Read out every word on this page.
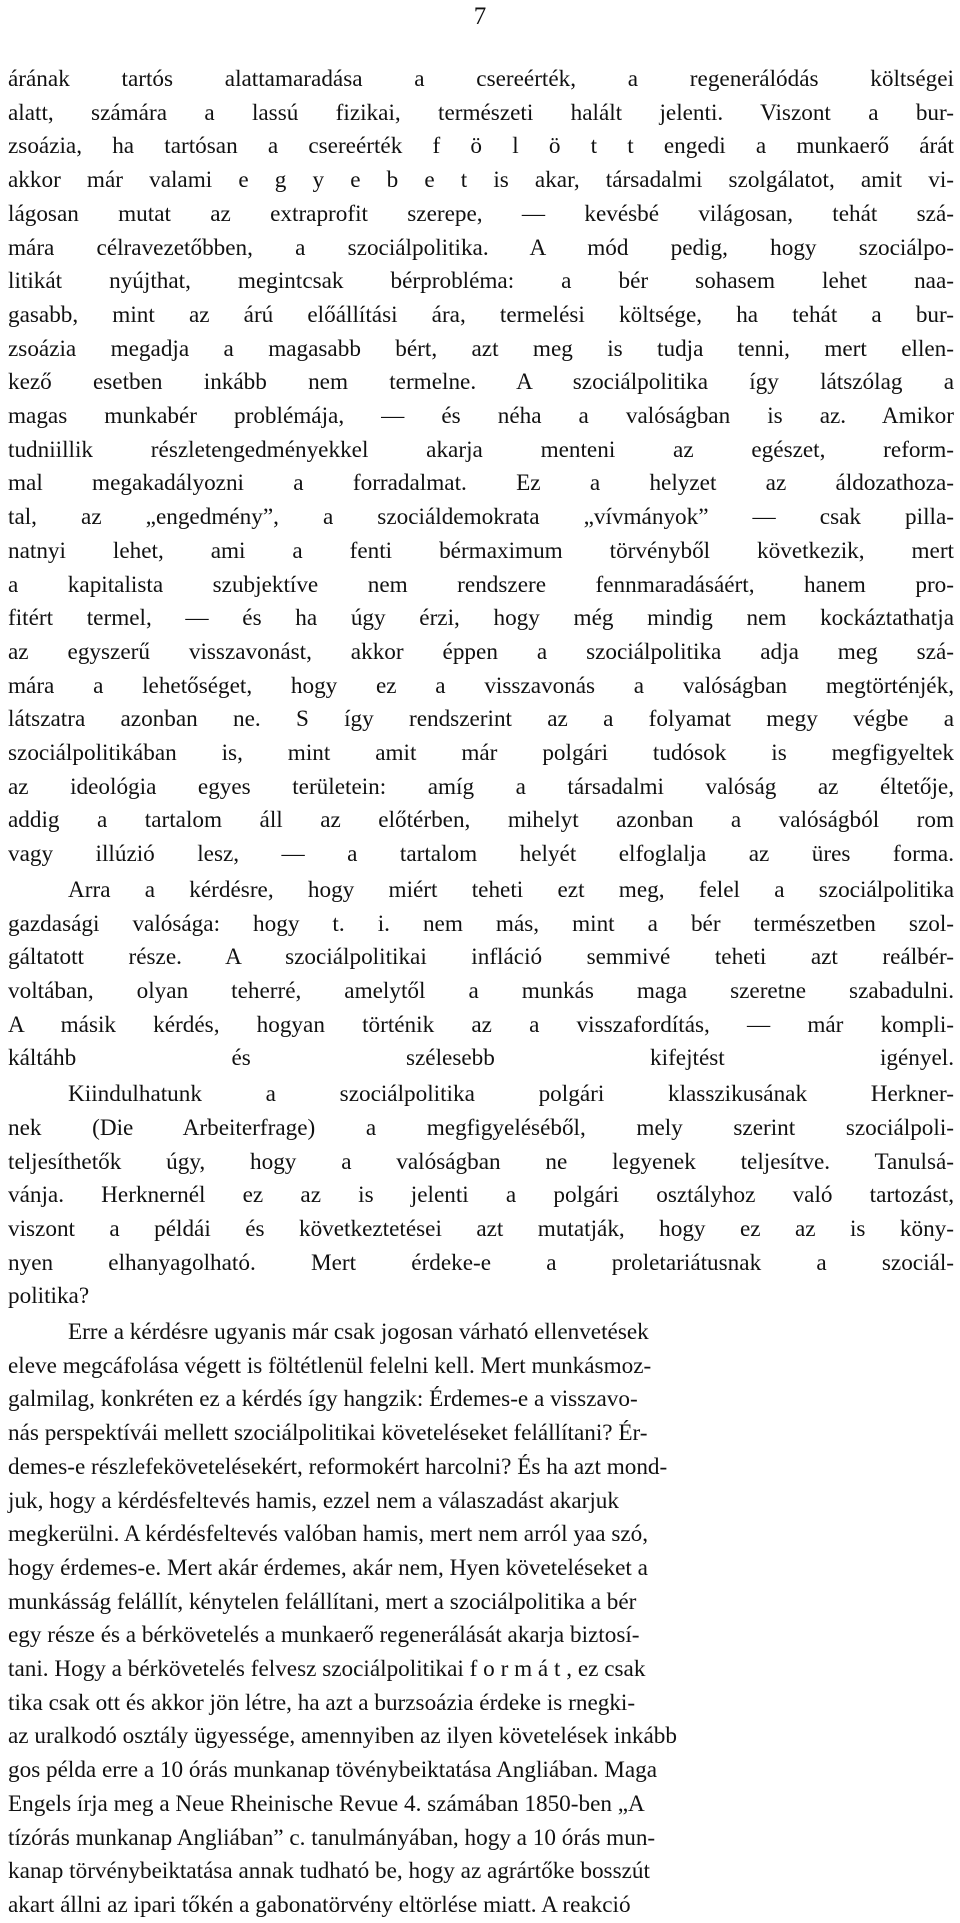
7

árának tartós alattamaradása a csereérték, a regenerálódás költségei
alatt, számára a lassú fizikai, természeti halált jelenti. Viszont a bur-
zsoázia, ha tartósan a csereérték f ö l ö t t engedi a munkaerő árát
akkor már valami e g y e b e t is akar, társadalmi szolgálatot, amit vi-
lágosan mutat az extraprofit szerepe, — kevésbé világosan, tehát szá-
mára célravezetőbben, a szociálpolitika. A mód pedig, hogy szociálpo-
litikát nyújthat, megintcsak bérprobléma: a bér sohasem lehet naa-
gasabb, mint az árú előállítási ára, termelési költsége, ha tehát a bur-
zsoázia megadja a magasabb bért, azt meg is tudja tenni, mert ellen-
kező esetben inkább nem termelne. A szociálpolitika így látszólag a
magas munkabér problémája, — és néha a valóságban is az. Amikor
tudniillik részletengedményekkel akarja menteni az egészet, reform-
mal megakadályozni a forradalmat. Ez a helyzet az áldozathoza-
tal, az „engedmény”, a szociáldemokrata „vívmányok” — csak pilla-
natnyi lehet, ami a fenti bérmaximum törvényből következik, mert
a kapitalista szubjektíve nem rendszere fennmaradásáért, hanem pro-
fitért termel, — és ha úgy érzi, hogy még mindig nem kockáztathatja
az egyszerű visszavonást, akkor éppen a szociálpolitika adja meg szá-
mára a lehetőséget, hogy ez a visszavonás a valóságban megtörténjék,
látszatra azonban ne. S így rendszerint az a folyamat megy végbe a
szociálpolitikában is, mint amit már polgári tudósok is megfigyeltek
az ideológia egyes területein: amíg a társadalmi valóság az éltetője,
addig a tartalom áll az előtérben, mihelyt azonban a valóságból rom
vagy illúzió lesz, — a tartalom helyét elfoglalja az üres forma.

Arra a kérdésre, hogy miért teheti ezt meg, felel a szociálpolitika
gazdasági valósága: hogy t. i. nem más, mint a bér természetben szol-
gáltatott része. A szociálpolitikai infláció semmivé teheti azt reálbér-
voltában, olyan teherré, amelytől a munkás maga szeretne szabadulni.
A másik kérdés, hogyan történik az a visszafordítás, — már kompli-
káltáhb és szélesebb kifejtést igényel.

Kiindulhatunk a szociálpolitika polgári klasszikusának Herkner-
nek (Die Arbeiterfrage) a megfigyeléséből, mely szerint szociálpoli-
teljesíthetők úgy, hogy a valóságban ne legyenek teljesítve. Tanulsá-
vánja. Herknernél ez az is jelenti a polgári osztályhoz való tartozást,
viszont a példái és következtetései azt mutatják, hogy ez az is köny-
nyen elhanyagolható. Mert érdeke-e a proletariátusnak a szociál-
politika?

Erre a kérdésre ugyanis már csak jogosan várható ellenvetések
eleve megcáfolása végett is föltétlenül felelni kell. Mert munkásmoz-
galmilag, konkréten ez a kérdés így hangzik: Érdemes-e a visszavo-
nás perspektívái mellett szociálpolitikai követeléseket felállítani? Ér-
demes-e részlefekövetelésekért, reformokért harcolni? És ha azt mond-
juk, hogy a kérdésfeltevés hamis, ezzel nem a válaszadást akarjuk
megkerülni. A kérdésfeltevés valóban hamis, mert nem arról yaa szó,
hogy érdemes-e. Mert akár érdemes, akár nem, Hyen követeléseket a
munkásság felállít, kénytelen felállítani, mert a szociálpolitika a bér
egy része és a bérkövetelés a munkaerő regenerálását akarja biztosí-
tani. Hogy a bérkövetelés felvesz szociálpolitikai f o r m á t , ez csak
tika csak ott és akkor jön létre, ha azt a burzsoázia érdeke is rnegki-
az uralkodó osztály ügyessége, amennyiben az ilyen követelések inkább
gos példa erre a 10 órás munkanap tövénybeiktatása Angliában. Maga
Engels írja meg a Neue Rheinische Revue 4. számában 1850-ben „A
tízórás munkanap Angliában” c. tanulmányában, hogy a 10 órás mun-
kanap törvénybeiktatása annak tudható be, hogy az agrártőke bosszút
akart állni az ipari tőkén a gabonatörvény eltörlése miatt. A reakció
